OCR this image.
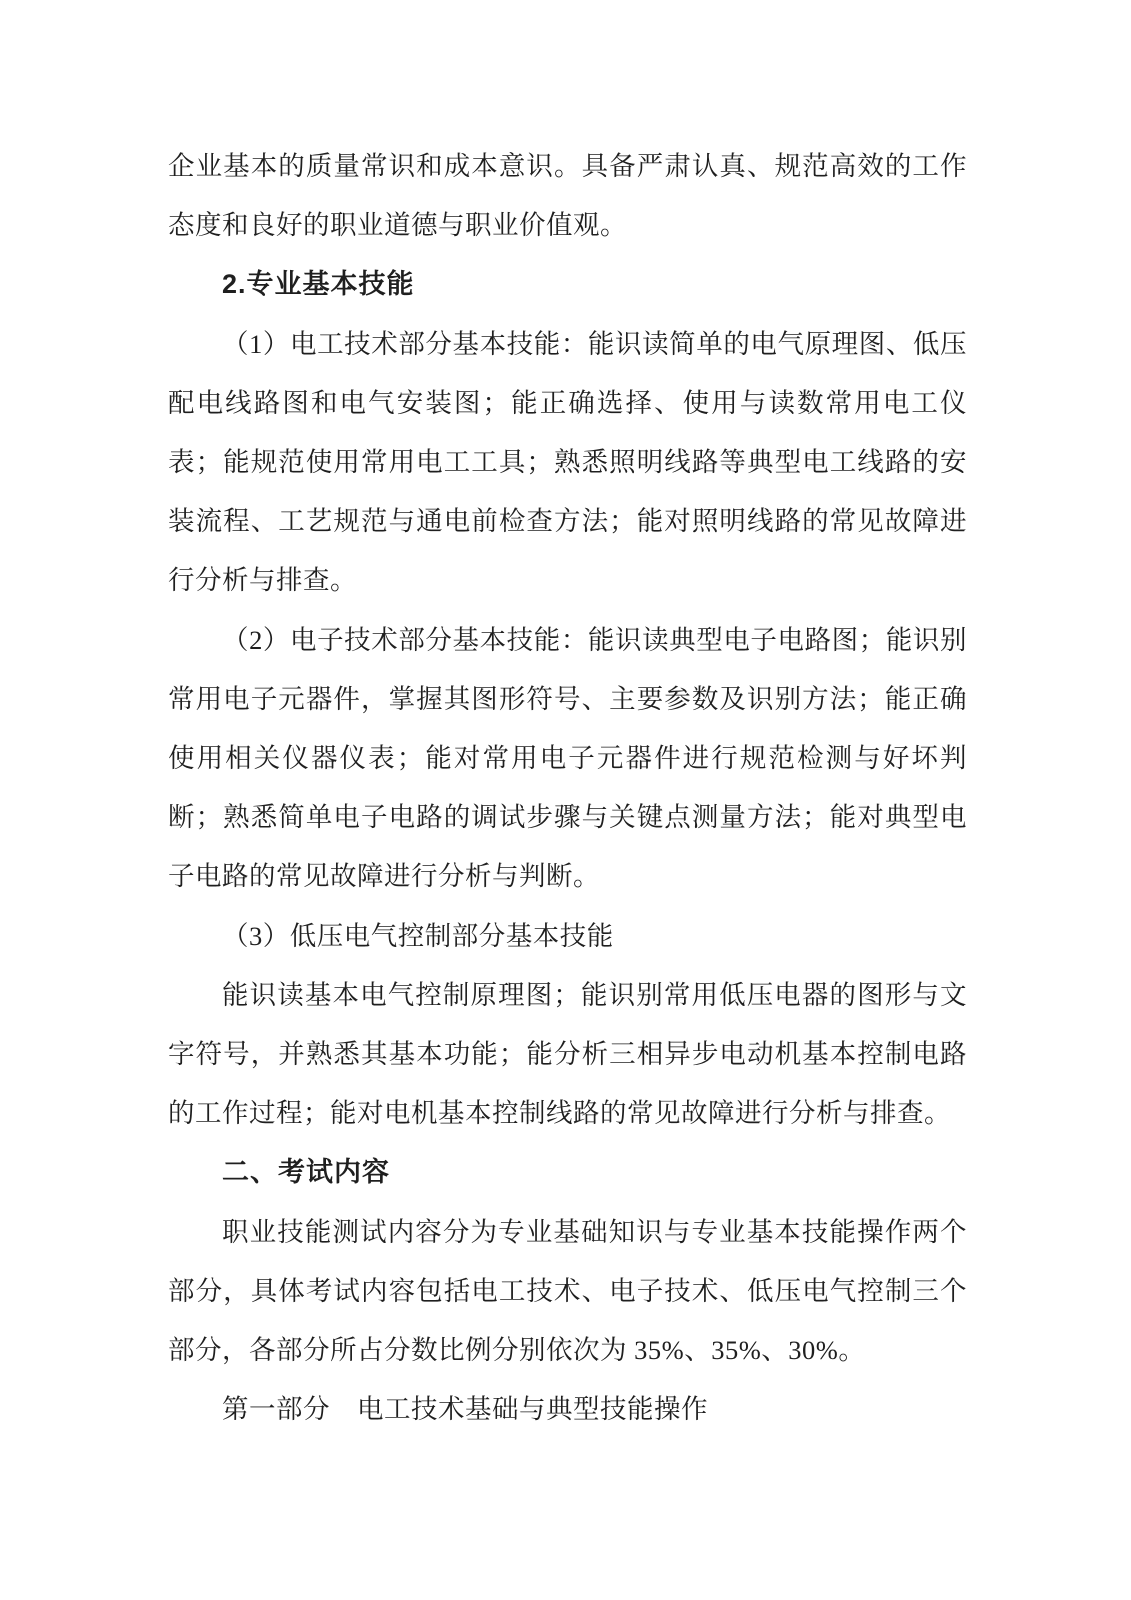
企业基本的质量常识和成本意识。具备严肃认真、规范高效的工作态度和良好的职业道德与职业价值观。

2.专业基本技能

（1）电工技术部分基本技能：能识读简单的电气原理图、低压配电线路图和电气安装图；能正确选择、使用与读数常用电工仪表；能规范使用常用电工工具；熟悉照明线路等典型电工线路的安装流程、工艺规范与通电前检查方法；能对照明线路的常见故障进行分析与排查。

（2）电子技术部分基本技能：能识读典型电子电路图；能识别常用电子元器件，掌握其图形符号、主要参数及识别方法；能正确使用相关仪器仪表；能对常用电子元器件进行规范检测与好坏判断；熟悉简单电子电路的调试步骤与关键点测量方法；能对典型电子电路的常见故障进行分析与判断。

（3）低压电气控制部分基本技能

能识读基本电气控制原理图；能识别常用低压电器的图形与文字符号，并熟悉其基本功能；能分析三相异步电动机基本控制电路的工作过程；能对电机基本控制线路的常见故障进行分析与排查。

二、考试内容

职业技能测试内容分为专业基础知识与专业基本技能操作两个部分，具体考试内容包括电工技术、电子技术、低压电气控制三个部分，各部分所占分数比例分别依次为 35%、35%、30%。

第一部分　电工技术基础与典型技能操作
